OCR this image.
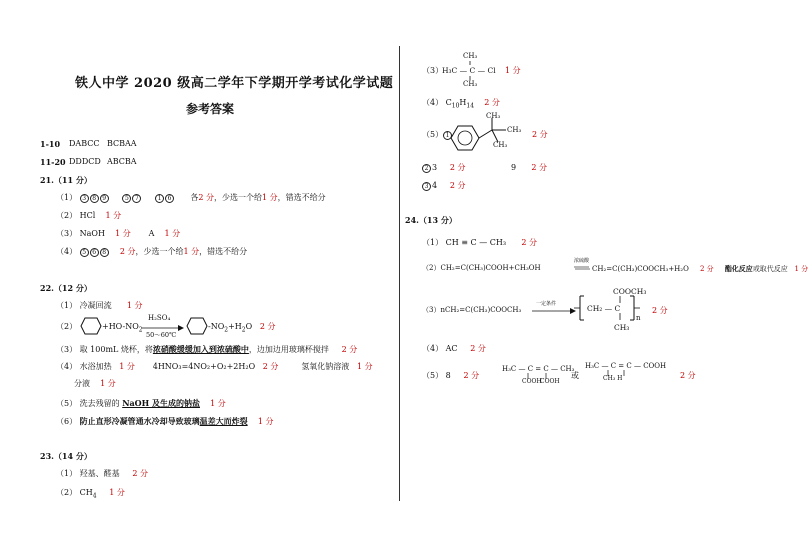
铁人中学 2020 级高二学年下学期开学考试化学试题
参考答案
1-10 DABCC BCBAA
11-20 DDDCD ABCBA
21.（11 分）
（1） 3 8 9	5 7	1 6 各2 分，少选一个给1 分，错选不给分
（2） HCl 1 分
（3） NaOH 1 分 A 1 分
（4） 5 6 8 2 分，少选一个给1 分，错选不给分
22.（12 分）
（1） 冷凝回流 1 分
（2）	$+HO-NO_2$
H₂SO₄
50～60℃
$-NO_2+H_2O$ 2 分
（3） 取 100mL 烧杯，将浓硝酸缓缓加入到浓硫酸中，边加边用玻璃杯搅拌 2 分
（4） 水浴加热 1 分 4HNO₃=4NO₂+O₂+2H₂O 2 分	氢氧化钠溶液 1 分
分液 1 分
（5） 洗去残留的 NaOH 及生成的钠盐 1 分
（6） 防止直形冷凝管通水冷却导致玻璃温差大而炸裂 1 分
23.（14 分）
（1） 羟基、醛基 2 分
（2） $CH_4$ 1 分
CH₃
（3）
H₃C — C — Cl 1 分
CH₃
（4） $C_{10}H_{14}$ 2 分
（5） 1
CH₃
CH₃
CH₃
2 分
2 3 2 分	9 2 分
3 4 2 分
24.（13 分）
（1） CH ≡ C — CH₃ 2 分
（2）CH₂=C(CH₃)COOH+CH₃OH
浓硫酸
CH₂=C(CH₃)COOCH₃+H₂O 2 分 酯化反应或取代反应 1 分
COOCH₃
（3）nCH₂=C(CH₃)COOCH₃
一定条件 → CH₂ — C
n
CH₃
2 分
（4） AC 2 分
（5） 8 2 分
H₃C — C = C — CH₃
COOH
COOH
或
H₃C — C = C — COOH
CH₃ H	2 分
